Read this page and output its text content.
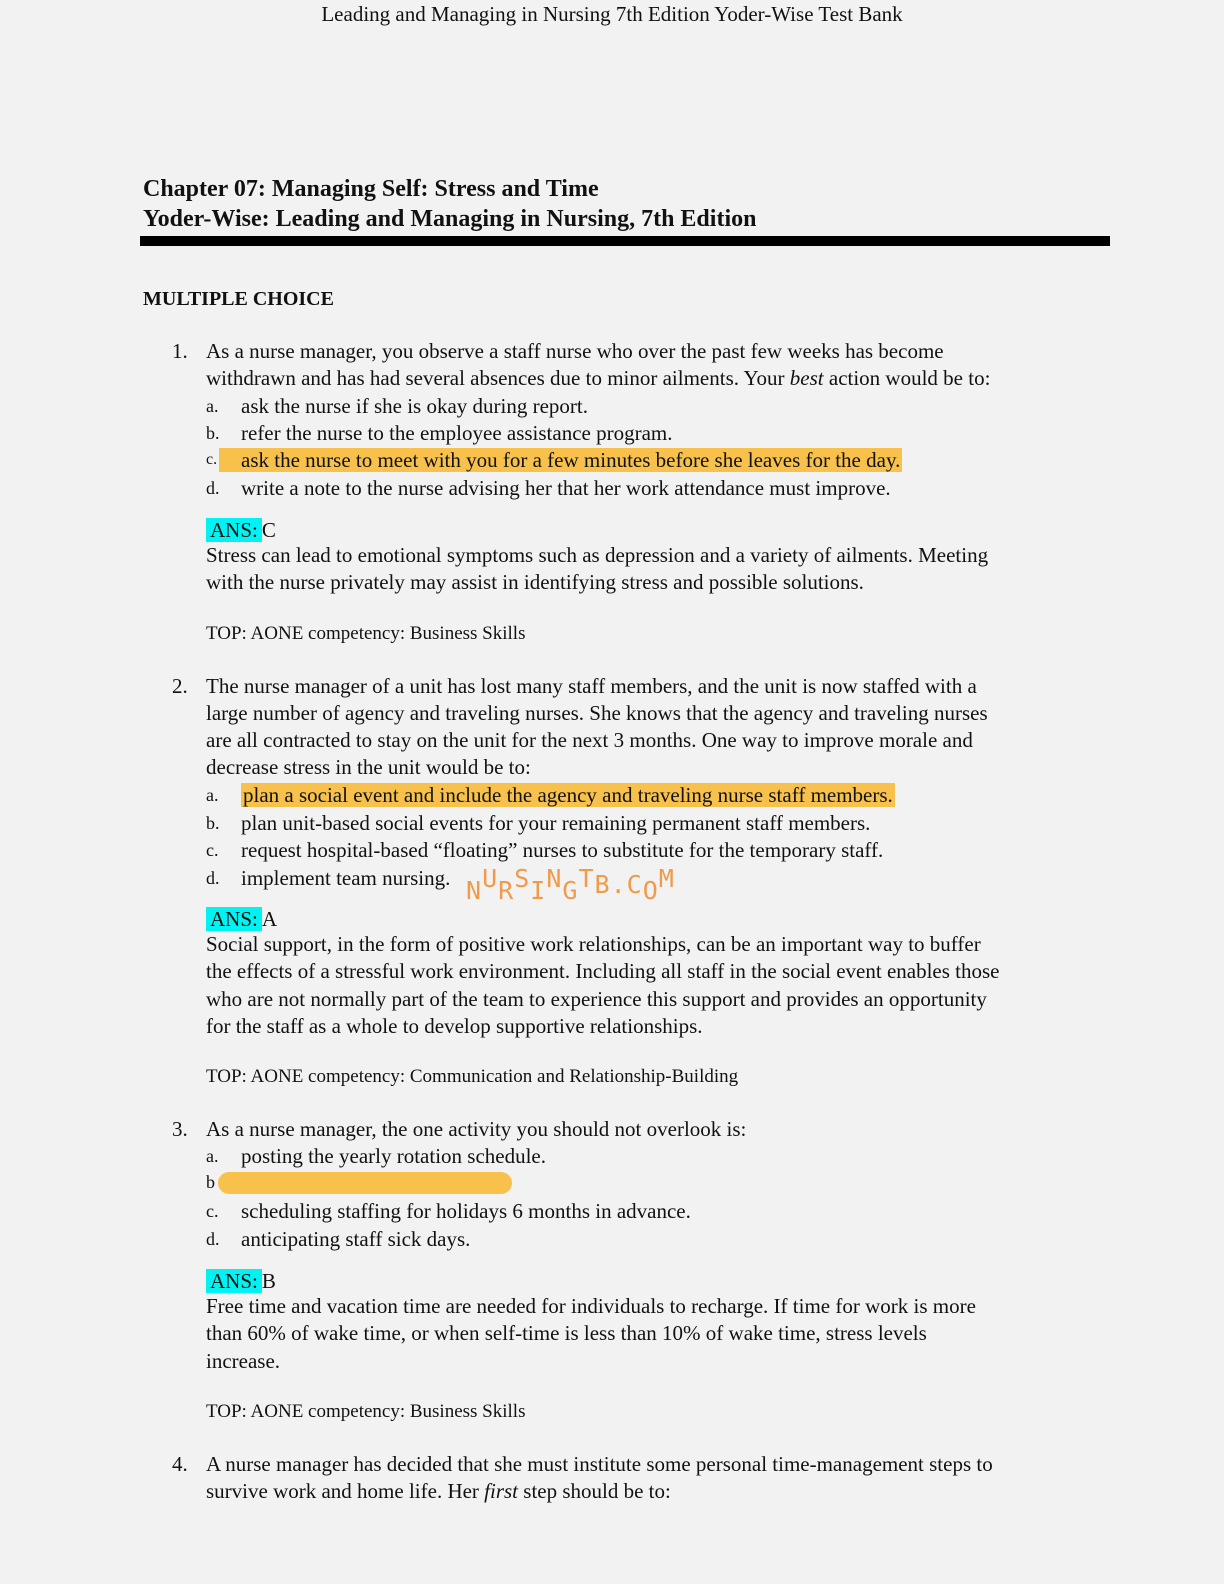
Leading and Managing in Nursing 7th Edition Yoder-Wise Test Bank
Chapter 07: Managing Self: Stress and Time
Yoder-Wise: Leading and Managing in Nursing, 7th Edition
MULTIPLE CHOICE
1. As a nurse manager, you observe a staff nurse who over the past few weeks has become
withdrawn and has had several absences due to minor ailments. Your best action would be to:
a. ask the nurse if she is okay during report.
b. refer the nurse to the employee assistance program.
c. ask the nurse to meet with you for a few minutes before she leaves for the day.
d. write a note to the nurse advising her that her work attendance must improve.
ANS: C
Stress can lead to emotional symptoms such as depression and a variety of ailments. Meeting
with the nurse privately may assist in identifying stress and possible solutions.
TOP: AONE competency: Business Skills
2. The nurse manager of a unit has lost many staff members, and the unit is now staffed with a
large number of agency and traveling nurses. She knows that the agency and traveling nurses
are all contracted to stay on the unit for the next 3 months. One way to improve morale and
decrease stress in the unit would be to:
a. plan a social event and include the agency and traveling nurse staff members.
b. plan unit-based social events for your remaining permanent staff members.
c. request hospital-based “floating” nurses to substitute for the temporary staff.
d. implement team nursing.
ANS: A
Social support, in the form of positive work relationships, can be an important way to buffer
the effects of a stressful work environment. Including all staff in the social event enables those
who are not normally part of the team to experience this support and provides an opportunity
for the staff as a whole to develop supportive relationships.
TOP: AONE competency: Communication and Relationship-Building
NURSINGTB.COM
3. As a nurse manager, the one activity you should not overlook is:
a. posting the yearly rotation schedule.
b
c. scheduling staffing for holidays 6 months in advance.
d. anticipating staff sick days.
ANS: B
Free time and vacation time are needed for individuals to recharge. If time for work is more
than 60% of wake time, or when self-time is less than 10% of wake time, stress levels
increase.
TOP: AONE competency: Business Skills
4. A nurse manager has decided that she must institute some personal time-management steps to
survive work and home life. Her first step should be to:
